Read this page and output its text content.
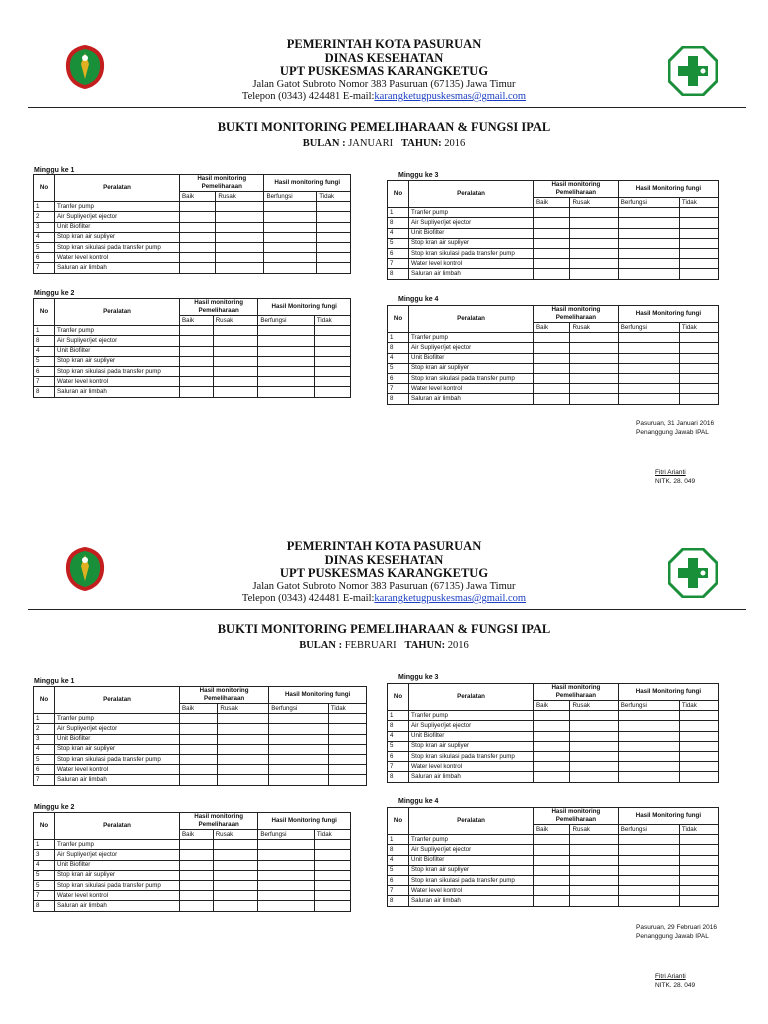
PEMERINTAH KOTA PASURUAN
DINAS KESEHATAN
UPT PUSKESMAS KARANGKETUG
Jalan Gatot Subroto Nomor 383 Pasuruan (67135) Jawa Timur
Telepon (0343) 424481 E-mail:karangketugpuskesmas@gmail.com
BUKTI MONITORING PEMELIHARAAN & FUNGSI IPAL
BULAN : JANUARI TAHUN: 2016
Minggu ke 1
No	Peralatan	Hasil monitoring Pemeliharaan		Hasil monitoring fungi	
		Baik	Rusak	Berfungsi	Tidak
1	Tranfer pump				
2	Air Supliyer/jet ejector				
3	Unit Biofilter				
4	Stop kran air supliyer				
5	Stop kran sikulasi pada transfer pump				
6	Water level kontrol				
7	Saluran air limbah				
Minggu ke 2
No	Peralatan	Hasil monitoring Pemeliharaan		Hasil Monitoring fungi	
		Baik	Rusak	Berfungsi	Tidak
1	Tranfer pump				
8	Air Supliyer/jet ejector				
4	Unit Biofilter				
5	Stop kran air supliyer				
6	Stop kran sikulasi pada transfer pump				
7	Water level kontrol				
8	Saluran air limbah				
Minggu ke 3
No	Peralatan	Hasil monitoring Pemeliharaan		Hasil Monitoring fungi	
		Baik	Rusak	Berfungsi	Tidak
1	Tranfer pump				
8	Air Supliyer/jet ejector				
4	Unit Biofilter				
5	Stop kran air supliyer				
6	Stop kran sikulasi pada transfer pump				
7	Water level kontrol				
8	Saluran air limbah				
Minggu ke 4
No	Peralatan	Hasil monitoring Pemeliharaan		Hasil Monitoring fungi	
		Baik	Rusak	Berfungsi	Tidak
1	Tranfer pump				
8	Air Supliyer/jet ejector				
4	Unit Biofilter				
5	Stop kran air supliyer				
6	Stop kran sikulasi pada transfer pump				
7	Water level kontrol				
8	Saluran air limbah				
Pasuruan, 31 Januari 2016
Penanggung Jawab IPAL
Fitri Arianti
NITK. 28. 049
PEMERINTAH KOTA PASURUAN
DINAS KESEHATAN
UPT PUSKESMAS KARANGKETUG
Jalan Gatot Subroto Nomor 383 Pasuruan (67135) Jawa Timur
Telepon (0343) 424481 E-mail:karangketugpuskesmas@gmail.com
BUKTI MONITORING PEMELIHARAAN & FUNGSI IPAL
BULAN : FEBRUARI TAHUN: 2016
Minggu ke 1
No	Peralatan	Hasil monitoring Pemeliharaan		Hasil Monitoring fungi	
		Baik	Rusak	Berfungsi	Tidak
1	Tranfer pump				
2	Air Supliyer/jet ejector				
3	Unit Biofilter				
4	Stop kran air supliyer				
5	Stop kran sikulasi pada transfer pump				
6	Water level kontrol				
7	Saluran air limbah				
Minggu ke 2
No	Peralatan	Hasil monitoring Pemeliharaan		Hasil Monitoring fungi	
		Baik	Rusak	Berfungsi	Tidak
1	Tranfer pump				
3	Air Supliyer/jet ejector				
4	Unit Biofilter				
5	Stop kran air supliyer				
5	Stop kran sikulasi pada transfer pump				
7	Water level kontrol				
8	Saluran air limbah				
Minggu ke 3
No	Peralatan	Hasil monitoring Pemeliharaan		Hasil Monitoring fungi	
		Baik	Rusak	Berfungsi	Tidak
1	Tranfer pump				
8	Air Supliyer/jet ejector				
4	Unit Biofilter				
5	Stop kran air supliyer				
6	Stop kran sikulasi pada transfer pump				
7	Water level kontrol				
8	Saluran air limbah				
Minggu ke 4
No	Peralatan	Hasil monitoring Pemeliharaan		Hasil Monitoring fungi	
		Baik	Rusak	Berfungsi	Tidak
1	Tranfer pump				
8	Air Supliyer/jet ejector				
4	Unit Biofilter				
5	Stop kran air supliyer				
6	Stop kran sikulasi pada transfer pump				
7	Water level kontrol				
8	Saluran air limbah				
Pasuruan, 29 Februari 2016
Penanggung Jawab IPAL
Fitri Arianti
NITK. 28. 049
